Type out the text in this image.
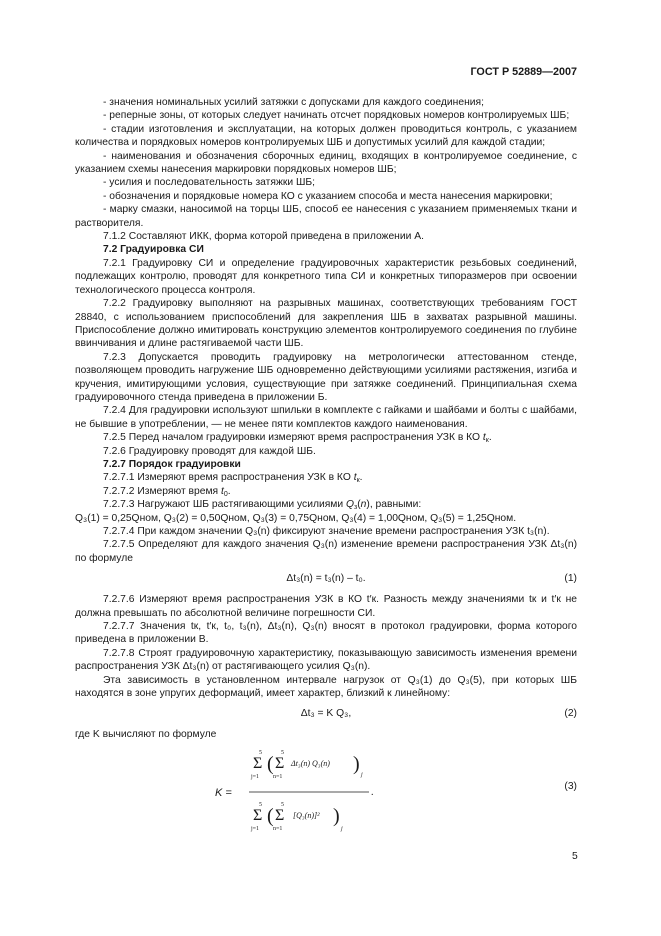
ГОСТ Р 52889—2007

- значения номинальных усилий затяжки с допусками для каждого соединения;

- реперные зоны, от которых следует начинать отсчет порядковых номеров контролируемых ШБ;

- стадии изготовления и эксплуатации, на которых должен проводиться контроль, с указанием количества и порядковых номеров контролируемых ШБ и допустимых усилий для каждой стадии;

- наименования и обозначения сборочных единиц, входящих в контролируемое соединение, с указанием схемы нанесения маркировки порядковых номеров ШБ;

- усилия и последовательность затяжки ШБ;

- обозначения и порядковые номера КО с указанием способа и места нанесения маркировки;

- марку смазки, наносимой на торцы ШБ, способ ее нанесения с указанием применяемых ткани и растворителя.

7.1.2 Составляют ИКК, форма которой приведена в приложении А.

7.2 Градуировка СИ

7.2.1 Градуировку СИ и определение градуировочных характеристик резьбовых соединений, подлежащих контролю, проводят для конкретного типа СИ и конкретных типоразмеров при освоении технологического процесса контроля.

7.2.2 Градуировку выполняют на разрывных машинах, соответствующих требованиям ГОСТ 28840, с использованием приспособлений для закрепления ШБ в захватах разрывной машины. Приспособление должно имитировать конструкцию элементов контролируемого соединения по глубине ввинчивания и длине растягиваемой части ШБ.

7.2.3 Допускается проводить градуировку на метрологически аттестованном стенде, позволяющем проводить нагружение ШБ одновременно действующими усилиями растяжения, изгиба и кручения, имитирующими условия, существующие при затяжке соединений. Принципиальная схема градуировочного стенда приведена в приложении Б.

7.2.4 Для градуировки используют шпильки в комплекте с гайками и шайбами и болты с шайбами, не бывшие в употреблении, — не менее пяти комплектов каждого наименования.

7.2.5 Перед началом градуировки измеряют время распространения УЗК в КО $t_к$.

7.2.6 Градуировку проводят для каждой ШБ.

7.2.7 Порядок градуировки

7.2.7.1 Измеряют время распространения УЗК в КО $t_к$.

7.2.7.2 Измеряют время $t_0$.

7.2.7.3 Нагружают ШБ растягивающими усилиями $Q_з(n)$, равными:

Q₃(1) = 0,25Qном, Q₃(2) = 0,50Qном, Q₃(3) = 0,75Qном, Q₃(4) = 1,00Qном, Q₃(5) = 1,25Qном.

7.2.7.4 При каждом значении Q₃(n) фиксируют значение времени распространения УЗК t₃(n).

7.2.7.5 Определяют для каждого значения Q₃(n) изменение времени распространения УЗК Δt₃(n) по формуле

Δt₃(n) = t₃(n) – t₀.	(1)

7.2.7.6 Измеряют время распространения УЗК в КО t′к. Разность между значениями tк и t′к не должна превышать по абсолютной величине погрешности СИ.

7.2.7.7 Значения tк, t′к, t₀, t₃(n), Δt₃(n), Q₃(n) вносят в протокол градуировки, форма которого приведена в приложении В.

7.2.7.8 Строят градуировочную характеристику, показывающую зависимость изменения времени распространения УЗК Δt₃(n) от растягивающего усилия Q₃(n).

Эта зависимость в установленном интервале нагрузок от Q₃(1) до Q₃(5), при которых ШБ находятся в зоне упругих деформаций, имеет характер, близкий к линейному:

Δt₃ = K Q₃,	(2)

где K вычисляют по формуле

K =
5
Σ
j=1
( 5
Σ
n=1
Δt₃(n) Q₃(n) ) j
.
5
Σ
j=1
( 5
Σ
n=1
[Q₃(n)]² )
j
(3)
5
